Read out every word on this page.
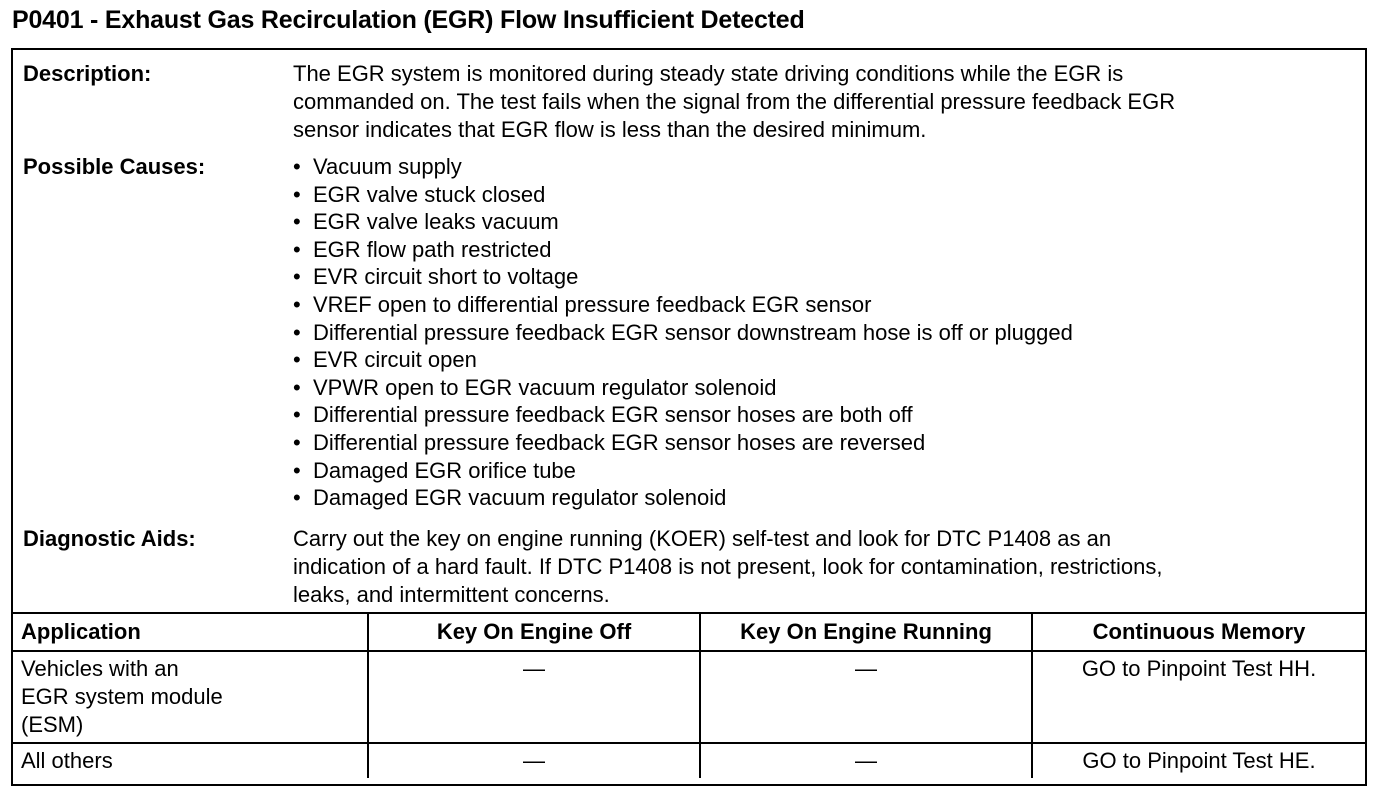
P0401 - Exhaust Gas Recirculation (EGR) Flow Insufficient Detected
Description:	The EGR system is monitored during steady state driving conditions while the EGR is

commanded on. The test fails when the signal from the differential pressure feedback EGR

sensor indicates that EGR flow is less than the desired minimum.

Possible Causes:	• Vacuum supply
• EGR valve stuck closed
• EGR valve leaks vacuum
• EGR flow path restricted
• EVR circuit short to voltage
• VREF open to differential pressure feedback EGR sensor
• Differential pressure feedback EGR sensor downstream hose is off or plugged
• EVR circuit open
• VPWR open to EGR vacuum regulator solenoid
• Differential pressure feedback EGR sensor hoses are both off
• Differential pressure feedback EGR sensor hoses are reversed
• Damaged EGR orifice tube
• Damaged EGR vacuum regulator solenoid
Diagnostic Aids:	Carry out the key on engine running (KOER) self-test and look for DTC P1408 as an

indication of a hard fault. If DTC P1408 is not present, look for contamination, restrictions,

leaks, and intermittent concerns.

Application	Key On Engine Off	Key On Engine Running	Continuous Memory

Vehicles with an
EGR system module
(ESM)	—	—	GO to Pinpoint Test HH.

All others	—	—	GO to Pinpoint Test HE.
